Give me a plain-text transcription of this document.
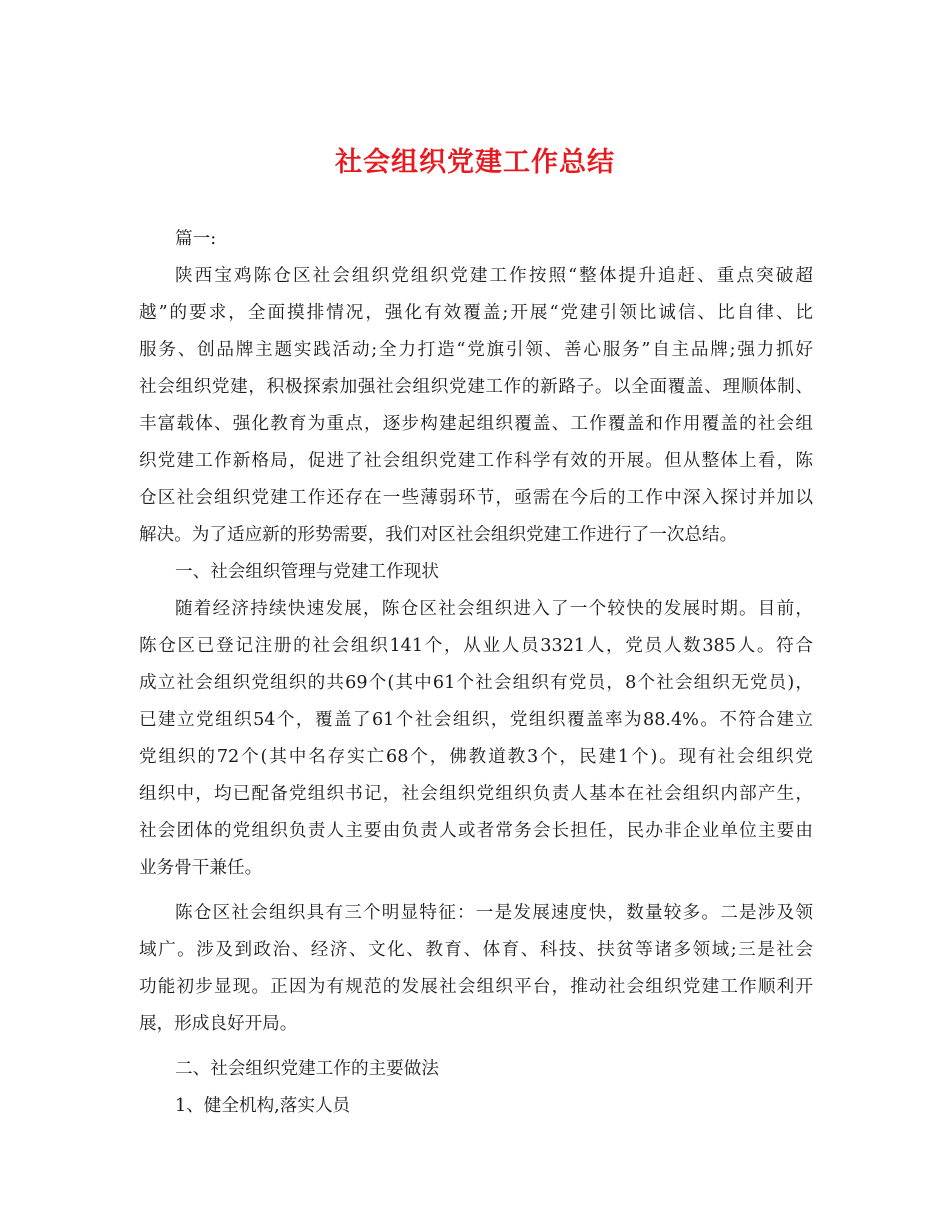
社会组织党建工作总结
篇一:
陕西宝鸡陈仓区社会组织党组织党建工作按照“整体提升追赶、重点突破超
越”的要求，全面摸排情况，强化有效覆盖;开展“党建引领比诚信、比自律、比
服务、创品牌主题实践活动;全力打造“党旗引领、善心服务”自主品牌;强力抓好
社会组织党建，积极探索加强社会组织党建工作的新路子。以全面覆盖、理顺体制、
丰富载体、强化教育为重点，逐步构建起组织覆盖、工作覆盖和作用覆盖的社会组
织党建工作新格局，促进了社会组织党建工作科学有效的开展。但从整体上看，陈
仓区社会组织党建工作还存在一些薄弱环节，亟需在今后的工作中深入探讨并加以
解决。为了适应新的形势需要，我们对区社会组织党建工作进行了一次总结。
一、社会组织管理与党建工作现状
随着经济持续快速发展，陈仓区社会组织进入了一个较快的发展时期。目前，
陈仓区已登记注册的社会组织141个，从业人员3321人，党员人数385人。符合
成立社会组织党组织的共69个(其中61个社会组织有党员，8个社会组织无党员)，
已建立党组织54个，覆盖了61个社会组织，党组织覆盖率为88.4%。不符合建立
党组织的72个(其中名存实亡68个，佛教道教3个，民建1个)。现有社会组织党
组织中，均已配备党组织书记，社会组织党组织负责人基本在社会组织内部产生，
社会团体的党组织负责人主要由负责人或者常务会长担任，民办非企业单位主要由
业务骨干兼任。
陈仓区社会组织具有三个明显特征：一是发展速度快，数量较多。二是涉及领
域广。涉及到政治、经济、文化、教育、体育、科技、扶贫等诸多领域;三是社会
功能初步显现。正因为有规范的发展社会组织平台，推动社会组织党建工作顺利开
展，形成良好开局。
二、社会组织党建工作的主要做法
1、健全机构,落实人员
